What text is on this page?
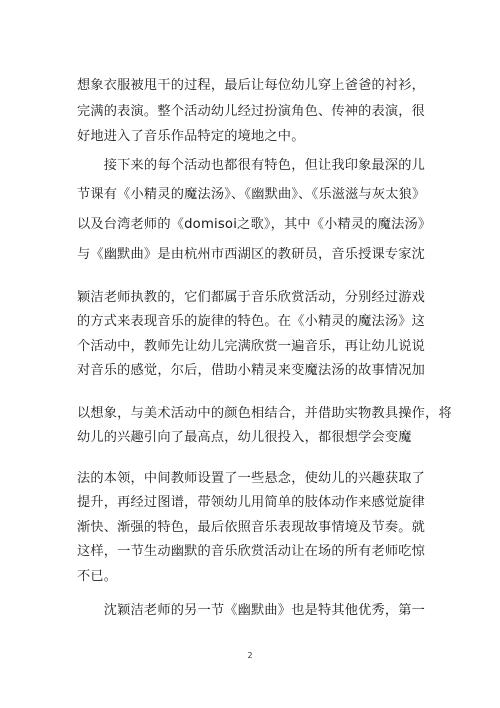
想象衣服被甩干的过程，最后让每位幼儿穿上爸爸的衬衫，
完满的表演。整个活动幼儿经过扮演角色、传神的表演，很
好地进入了音乐作品特定的境地之中。
　　接下来的每个活动也都很有特色，但让我印象最深的儿
节课有《小精灵的魔法汤》、《幽默曲》、《乐滋滋与灰太狼》
以及台湾老师的《domisoi之歌》，其中《小精灵的魔法汤》
与《幽默曲》是由杭州市西湖区的教研员，音乐授课专家沈
颖洁老师执教的，它们都属于音乐欣赏活动，分别经过游戏
的方式来表现音乐的旋律的特色。在《小精灵的魔法汤》这
个活动中，教师先让幼儿完满欣赏一遍音乐，再让幼儿说说
对音乐的感觉，尔后，借助小精灵来变魔法汤的故事情况加
以想象，与美术活动中的颜色相结合，并借助实物教具操作，将
幼儿的兴趣引向了最高点，幼儿很投入，都很想学会变魔
法的本领，中间教师设置了一些悬念，使幼儿的兴趣获取了
提升，再经过图谱，带领幼儿用简单的肢体动作来感觉旋律
渐快、渐强的特色，最后依照音乐表现故事情境及节奏。就
这样，一节生动幽默的音乐欣赏活动让在场的所有老师吃惊
不已。
　　沈颖洁老师的另一节《幽默曲》也是特其他优秀，第一
2
